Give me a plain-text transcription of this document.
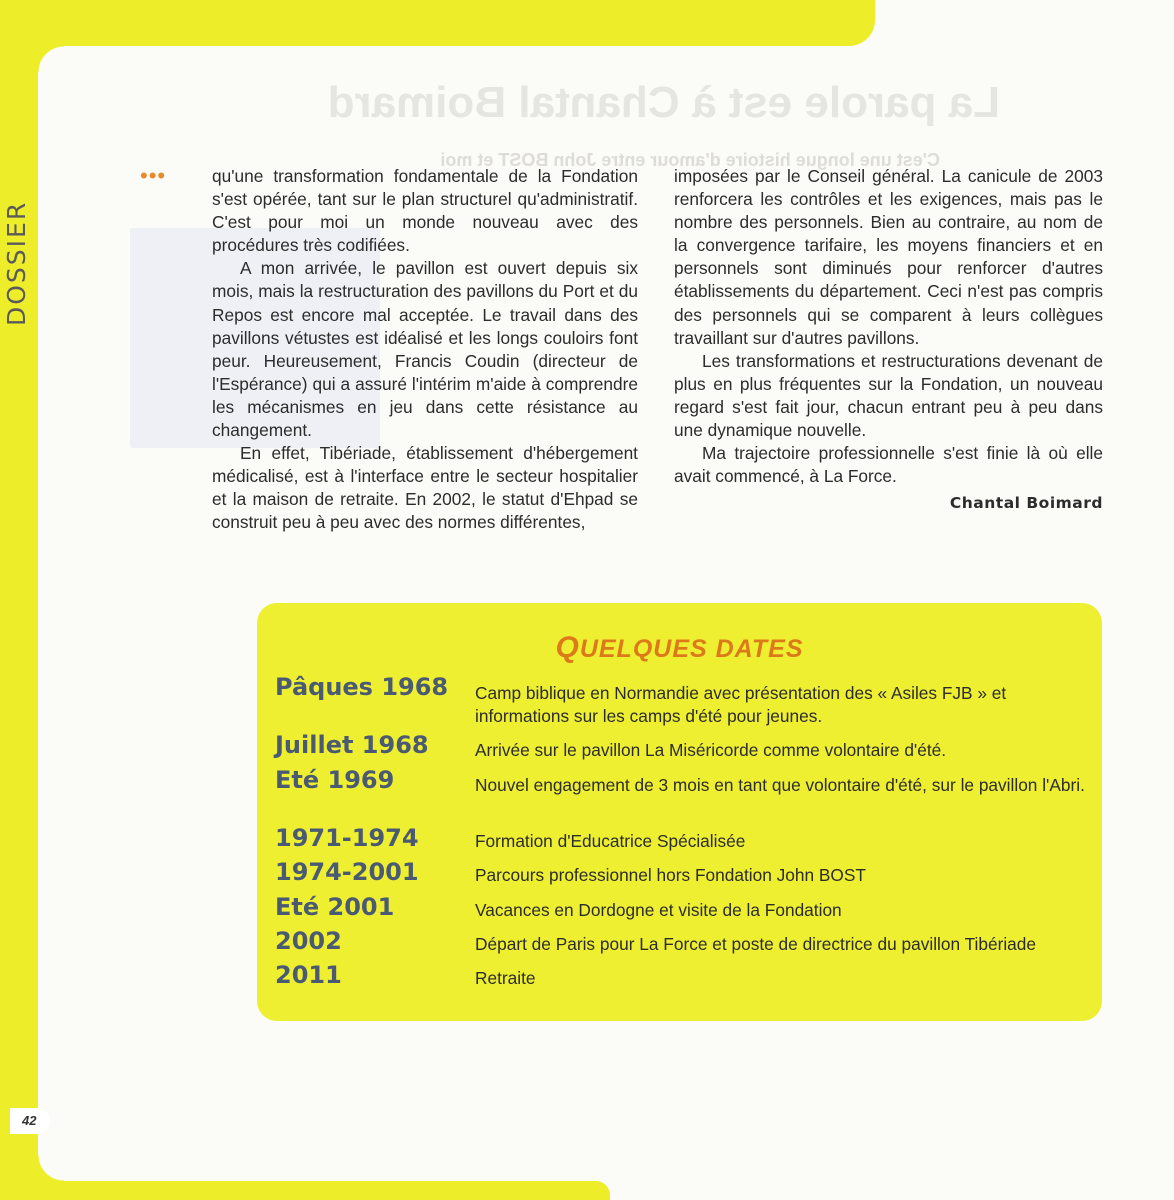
DOSSIER
42
La parole est à Chantal Boimard
C'est une longue histoire d'amour entre John BOST et moi
•••	qu'une transformation fondamentale de la Fondation s'est opérée, tant sur le plan structurel qu'administratif. C'est pour moi un monde nouveau avec des procédures très codifiées.

A mon arrivée, le pavillon est ouvert depuis six mois, mais la restructuration des pavillons du Port et du Repos est encore mal acceptée. Le travail dans des pavillons vétustes est idéalisé et les longs couloirs font peur. Heureusement, Francis Coudin (directeur de l'Espérance) qui a assuré l'intérim m'aide à comprendre les mécanismes en jeu dans cette résistance au changement.

En effet, Tibériade, établissement d'hébergement médicalisé, est à l'interface entre le secteur hospitalier et la maison de retraite. En 2002, le statut d'Ehpad se construit peu à peu avec des normes différentes,

imposées par le Conseil général. La canicule de 2003 renforcera les contrôles et les exigences, mais pas le nombre des personnels. Bien au contraire, au nom de la convergence tarifaire, les moyens financiers et en personnels sont diminués pour renforcer d'autres établissements du département. Ceci n'est pas compris des personnels qui se comparent à leurs collègues travaillant sur d'autres pavillons.

Les transformations et restructurations devenant de plus en plus fréquentes sur la Fondation, un nouveau regard s'est fait jour, chacun entrant peu à peu dans une dynamique nouvelle.

Ma trajectoire professionnelle s'est finie là où elle avait commencé, à La Force.

Chantal Boimard
QUELQUES DATES
Pâques 1968 Camp biblique en Normandie avec présentation des « Asiles FJB » et informations sur les camps d'été pour jeunes.
Juillet 1968	Arrivée sur le pavillon La Miséricorde comme volontaire d'été.
Eté 1969	Nouvel engagement de 3 mois en tant que volontaire d'été, sur le pavillon l'Abri.
1971-1974	Formation d'Educatrice Spécialisée
1974-2001	Parcours professionnel hors Fondation John BOST
Eté 2001	Vacances en Dordogne et visite de la Fondation
2002	Départ de Paris pour La Force et poste de directrice du pavillon Tibériade
2011	Retraite
